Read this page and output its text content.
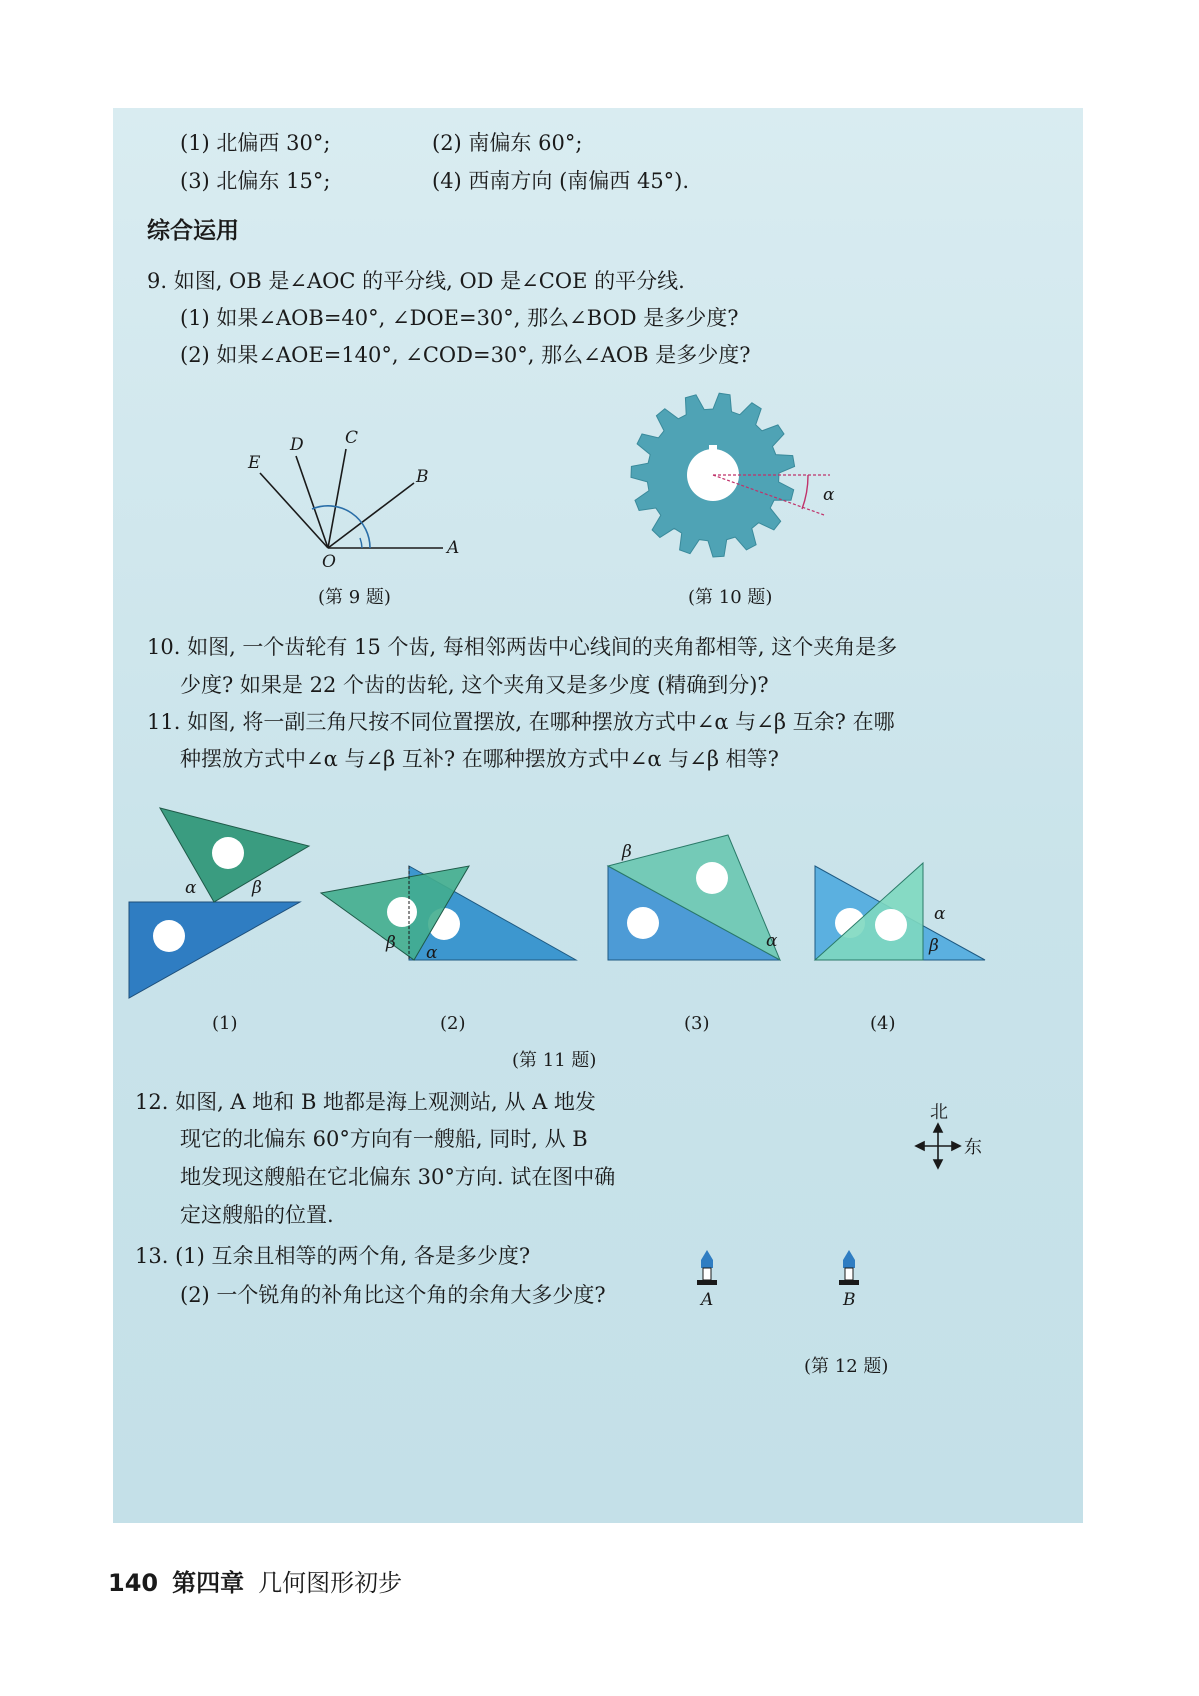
(1) 北偏西 30°;	(2) 南偏东 60°;
(3) 北偏东 15°;	(4) 西南方向 (南偏西 45°).
综合运用
9. 如图, OB 是∠AOC 的平分线, OD 是∠COE 的平分线.
(1) 如果∠AOB=40°, ∠DOE=30°, 那么∠BOD 是多少度?
(2) 如果∠AOE=140°, ∠COD=30°, 那么∠AOB 是多少度?
O
A
B
C
D
E
(第 9 题)
α
(第 10 题)
10. 如图, 一个齿轮有 15 个齿, 每相邻两齿中心线间的夹角都相等, 这个夹角是多
少度? 如果是 22 个齿的齿轮, 这个夹角又是多少度 (精确到分)?
11. 如图, 将一副三角尺按不同位置摆放, 在哪种摆放方式中∠α 与∠β 互余? 在哪
种摆放方式中∠α 与∠β 互补? 在哪种摆放方式中∠α 与∠β 相等?
α	β
β α
β
α
α
β
(1)	(2)	(3)	(4)
(第 11 题)
12. 如图, A 地和 B 地都是海上观测站, 从 A 地发
现它的北偏东 60°方向有一艘船, 同时, 从 B
地发现这艘船在它北偏东 30°方向. 试在图中确
定这艘船的位置.
北
东
A	B
(第 12 题)
13. (1) 互余且相等的两个角, 各是多少度?
(2) 一个锐角的补角比这个角的余角大多少度?
140 第四章 几何图形初步
